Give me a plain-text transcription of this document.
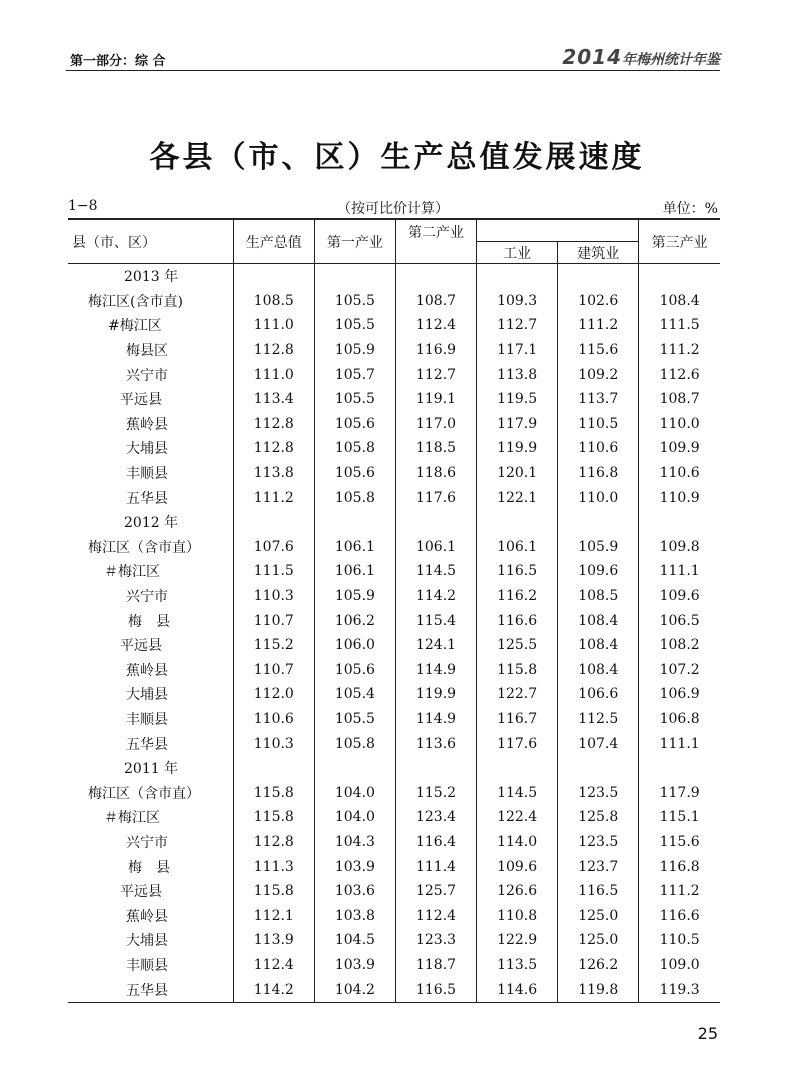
第一部分：综 合	2014年梅州统计年鉴
各县（市、区）生产总值发展速度
1−8	（按可比价计算）	单位：%
县（市、区）	生产总值	第一产业	第二产业			第三产业
				工业	建筑业	
2013 年						
梅江区(含市直)	108.5	105.5	108.7	109.3	102.6	108.4
#梅江区	111.0	105.5	112.4	112.7	111.2	111.5
梅县区	112.8	105.9	116.9	117.1	115.6	111.2
兴宁市	111.0	105.7	112.7	113.8	109.2	112.6
平远县	113.4	105.5	119.1	119.5	113.7	108.7
蕉岭县	112.8	105.6	117.0	117.9	110.5	110.0
大埔县	112.8	105.8	118.5	119.9	110.6	109.9
丰顺县	113.8	105.6	118.6	120.1	116.8	110.6
五华县	111.2	105.8	117.6	122.1	110.0	110.9
2012 年						
梅江区（含市直）	107.6	106.1	106.1	106.1	105.9	109.8
＃梅江区	111.5	106.1	114.5	116.5	109.6	111.1
兴宁市	110.3	105.9	114.2	116.2	108.5	109.6
梅　县	110.7	106.2	115.4	116.6	108.4	106.5
平远县	115.2	106.0	124.1	125.5	108.4	108.2
蕉岭县	110.7	105.6	114.9	115.8	108.4	107.2
大埔县	112.0	105.4	119.9	122.7	106.6	106.9
丰顺县	110.6	105.5	114.9	116.7	112.5	106.8
五华县	110.3	105.8	113.6	117.6	107.4	111.1
2011 年						
梅江区（含市直）	115.8	104.0	115.2	114.5	123.5	117.9
＃梅江区	115.8	104.0	123.4	122.4	125.8	115.1
兴宁市	112.8	104.3	116.4	114.0	123.5	115.6
梅　县	111.3	103.9	111.4	109.6	123.7	116.8
平远县	115.8	103.6	125.7	126.6	116.5	111.2
蕉岭县	112.1	103.8	112.4	110.8	125.0	116.6
大埔县	113.9	104.5	123.3	122.9	125.0	110.5
丰顺县	112.4	103.9	118.7	113.5	126.2	109.0
五华县	114.2	104.2	116.5	114.6	119.8	119.3
25
